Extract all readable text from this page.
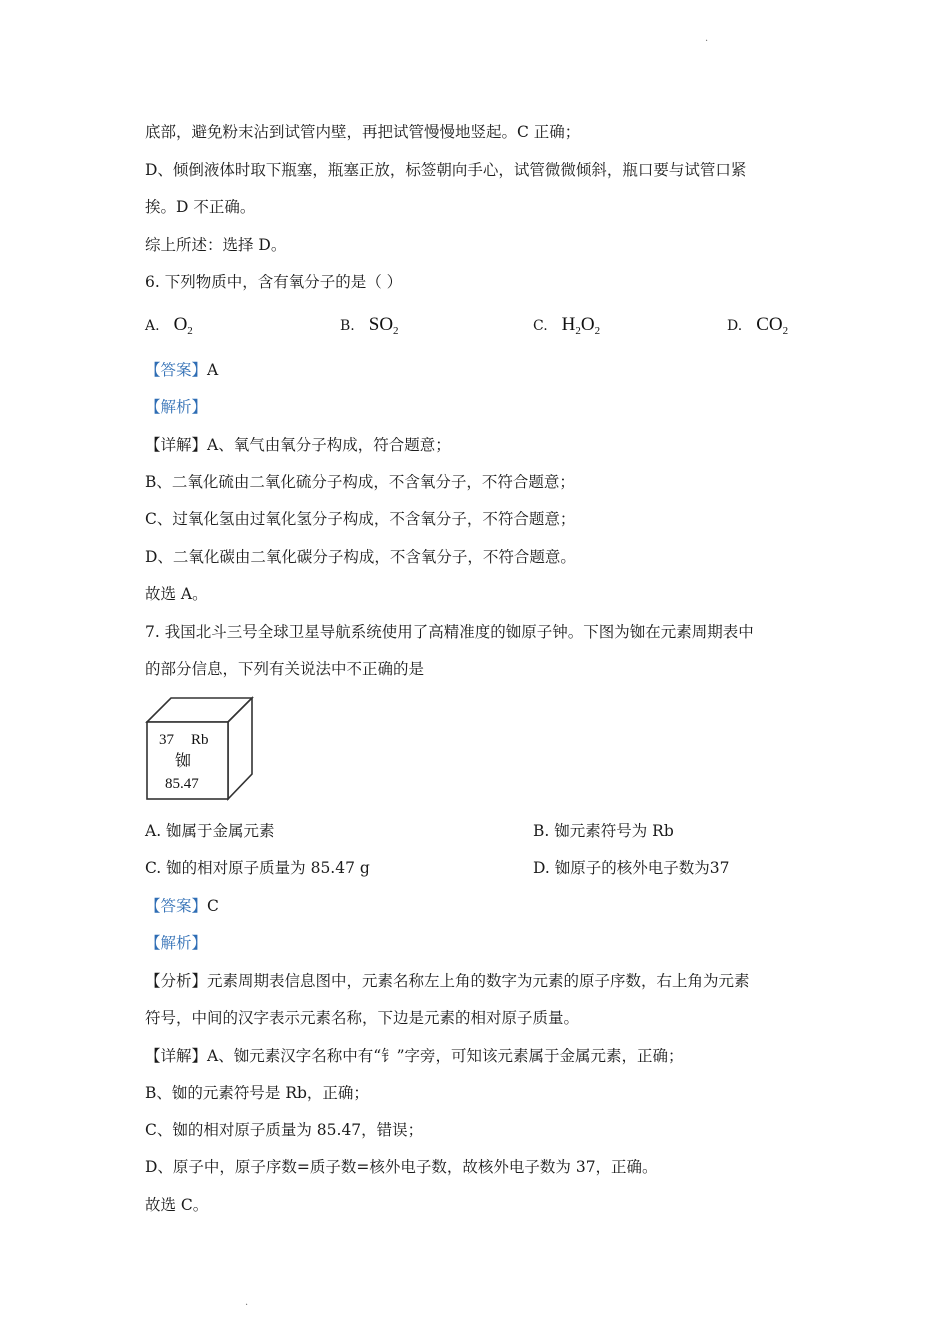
·
底部，避免粉末沾到试管内壁，再把试管慢慢地竖起。C 正确；
D、倾倒液体时取下瓶塞，瓶塞正放，标签朝向手心，试管微微倾斜，瓶口要与试管口紧
挨。D 不正确。
综上所述：选择 D。
6. 下列物质中，含有氧分子的是（ ）
A. $O_2$	B. $SO_2$	C. $H_2O_2$	D. $CO_2$
【答案】A
【解析】
【详解】A、氧气由氧分子构成，符合题意；
B、二氧化硫由二氧化硫分子构成，不含氧分子，不符合题意；
C、过氧化氢由过氧化氢分子构成，不含氧分子，不符合题意；
D、二氧化碳由二氧化碳分子构成，不含氧分子，不符合题意。
故选 A。
7. 我国北斗三号全球卫星导航系统使用了高精准度的铷原子钟。下图为铷在元素周期表中
的部分信息，下列有关说法中不正确的是
37 Rb
铷
85.47
A. 铷属于金属元素	B. 铷元素符号为 Rb
C. 铷的相对原子质量为 85.47 g	D. 铷原子的核外电子数为37
【答案】C
【解析】
【分析】元素周期表信息图中，元素名称左上角的数字为元素的原子序数，右上角为元素
符号，中间的汉字表示元素名称，下边是元素的相对原子质量。
【详解】A、铷元素汉字名称中有“钅”字旁，可知该元素属于金属元素，正确；
B、铷的元素符号是 Rb，正确；
C、铷的相对原子质量为 85.47，错误；
D、原子中，原子序数=质子数=核外电子数，故核外电子数为 37，正确。
故选 C。
·
